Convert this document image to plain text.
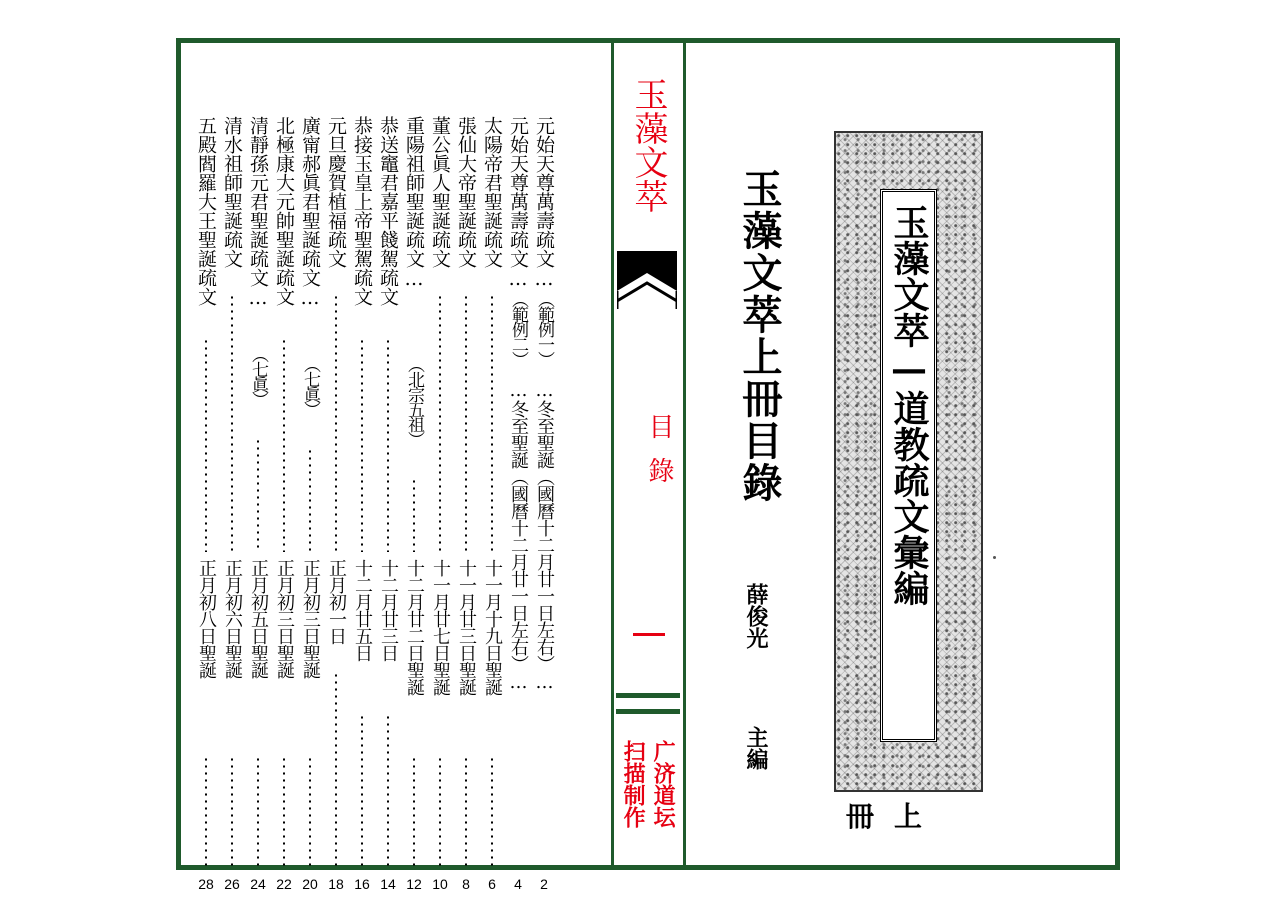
玉藻文萃上冊目錄
元始天尊萬壽疏文…
（範例一）
…冬至聖誕（國曆十二月廿一日左右）…
2
元始天尊萬壽疏文…
（範例二）
…冬至聖誕（國曆十二月廿一日左右）…
4
太陽帝君聖誕疏文
十一月十九日聖誕
6
張仙大帝聖誕疏文
十一月廿三日聖誕
8
董公眞人聖誕疏文
十一月廿七日聖誕
10
重陽祖師聖誕疏文…
（北宗五祖）
十二月廿二日聖誕
12
恭送竈君嘉平餞駕疏文
十二月廿三日
14
恭接玉皇上帝聖駕疏文
十二月廿五日
16
元旦慶賀植福疏文
正月初一日
18
廣甯郝眞君聖誕疏文…
（七眞）
正月初三日聖誕
20
北極康大元帥聖誕疏文
正月初三日聖誕
22
清靜孫元君聖誕疏文…
（七眞）
正月初五日聖誕
24
清水祖師聖誕疏文
正月初六日聖誕
26
五殿閻羅大王聖誕疏文
正月初八日聖誕
28
玉藻文萃
目錄
广济道坛
扫描制作
玉藻文萃—道教疏文彙編
薛俊光
主編
上冊
